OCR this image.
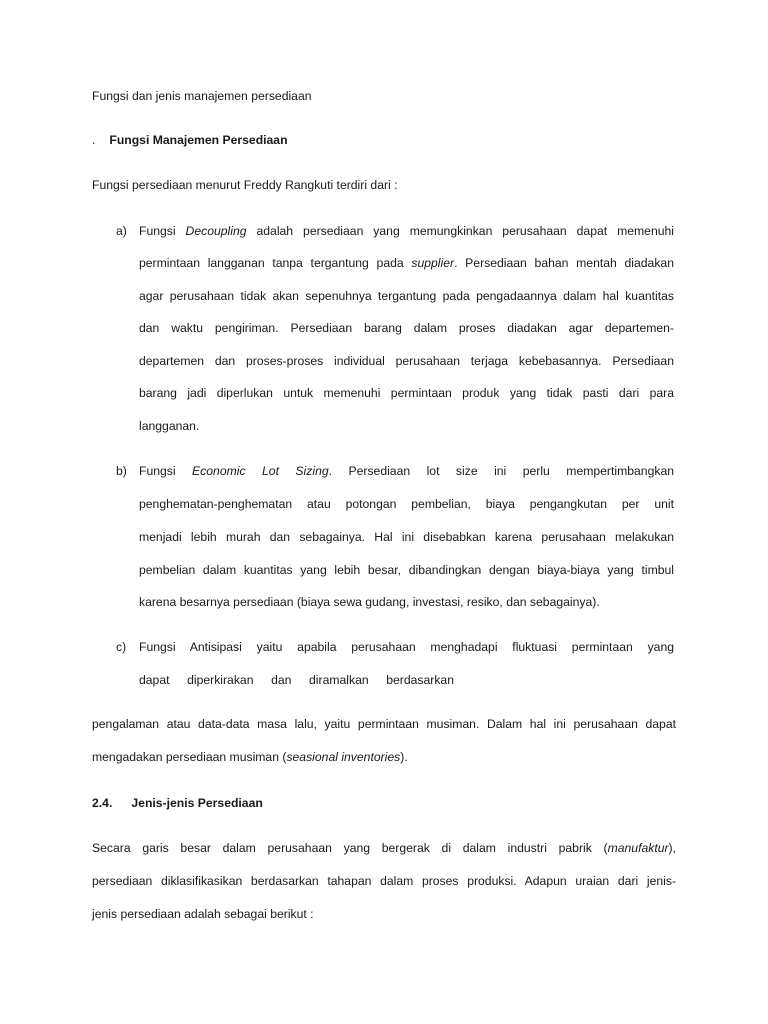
Fungsi dan jenis manajemen persediaan

. Fungsi Manajemen Persediaan

Fungsi persediaan menurut Freddy Rangkuti terdiri dari :

a) Fungsi Decoupling adalah persediaan yang memungkinkan perusahaan dapat memenuhi
permintaan langganan tanpa tergantung pada supplier. Persediaan bahan mentah diadakan
agar perusahaan tidak akan sepenuhnya tergantung pada pengadaannya dalam hal kuantitas
dan waktu pengiriman. Persediaan barang dalam proses diadakan agar departemen-
departemen dan proses-proses individual perusahaan terjaga kebebasannya. Persediaan
barang jadi diperlukan untuk memenuhi permintaan produk yang tidak pasti dari para
langganan.
b) Fungsi Economic Lot Sizing. Persediaan lot size ini perlu mempertimbangkan
penghematan-penghematan atau potongan pembelian, biaya pengangkutan per unit
menjadi lebih murah dan sebagainya. Hal ini disebabkan karena perusahaan melakukan
pembelian dalam kuantitas yang lebih besar, dibandingkan dengan biaya-biaya yang timbul
karena besarnya persediaan (biaya sewa gudang, investasi, resiko, dan sebagainya).
c) Fungsi Antisipasi yaitu apabila perusahaan menghadapi fluktuasi permintaan yang
dapat diperkirakan dan diramalkan berdasarkan
pengalaman atau data-data masa lalu, yaitu permintaan musiman. Dalam hal ini perusahaan dapat
mengadakan persediaan musiman (seasional inventories).

2.4. Jenis-jenis Persediaan

Secara garis besar dalam perusahaan yang bergerak di dalam industri pabrik (manufaktur),
persediaan diklasifikasikan berdasarkan tahapan dalam proses produksi. Adapun uraian dari jenis-
jenis persediaan adalah sebagai berikut :
